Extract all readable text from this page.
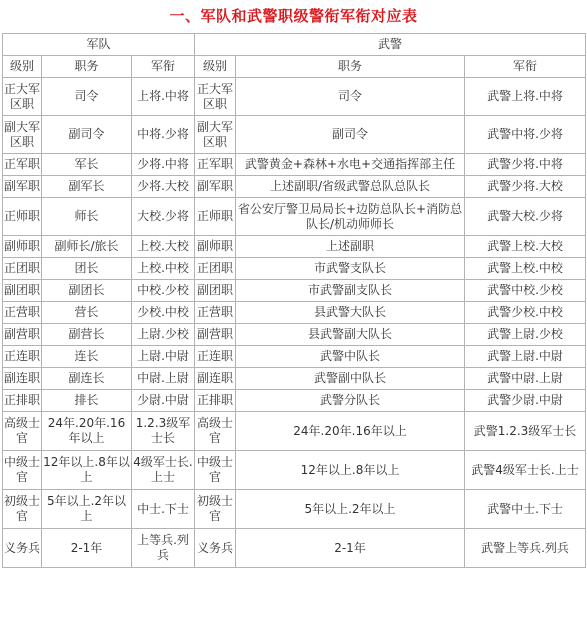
一、军队和武警职级警衔军衔对应表
军队			武警		
级别	职务	军衔	级别	职务	军衔
正大军区职	司令	上将.中将	正大军区职	司令	武警上将.中将
副大军区职	副司令	中将.少将	副大军区职	副司令	武警中将.少将
正军职	军长	少将.中将	正军职	武警黄金+森林+水电+交通指挥部主任	武警少将.中将
副军职	副军长	少将.大校	副军职	上述副职/省级武警总队总队长	武警少将.大校
正师职	师长	大校.少将	正师职	省公安厅警卫局局长+边防总队长+消防总队长/机动师师长	武警大校.少将
副师职	副师长/旅长	上校.大校	副师职	上述副职	武警上校.大校
正团职	团长	上校.中校	正团职	市武警支队长	武警上校.中校
副团职	副团长	中校.少校	副团职	市武警副支队长	武警中校.少校
正营职	营长	少校.中校	正营职	县武警大队长	武警少校.中校
副营职	副营长	上尉.少校	副营职	县武警副大队长	武警上尉.少校
正连职	连长	上尉.中尉	正连职	武警中队长	武警上尉.中尉
副连职	副连长	中尉.上尉	副连职	武警副中队长	武警中尉.上尉
正排职	排长	少尉.中尉	正排职	武警分队长	武警少尉.中尉
高级士官	24年.20年.16年以上	1.2.3级军士长	高级士官	24年.20年.16年以上	武警1.2.3级军士长
中级士官	12年以上.8年以上	4级军士长.上士	中级士官	12年以上.8年以上	武警4级军士长.上士
初级士官	5年以上.2年以上	中士.下士	初级士官	5年以上.2年以上	武警中士.下士
义务兵	2-1年	上等兵.列兵	义务兵	2-1年	武警上等兵.列兵
